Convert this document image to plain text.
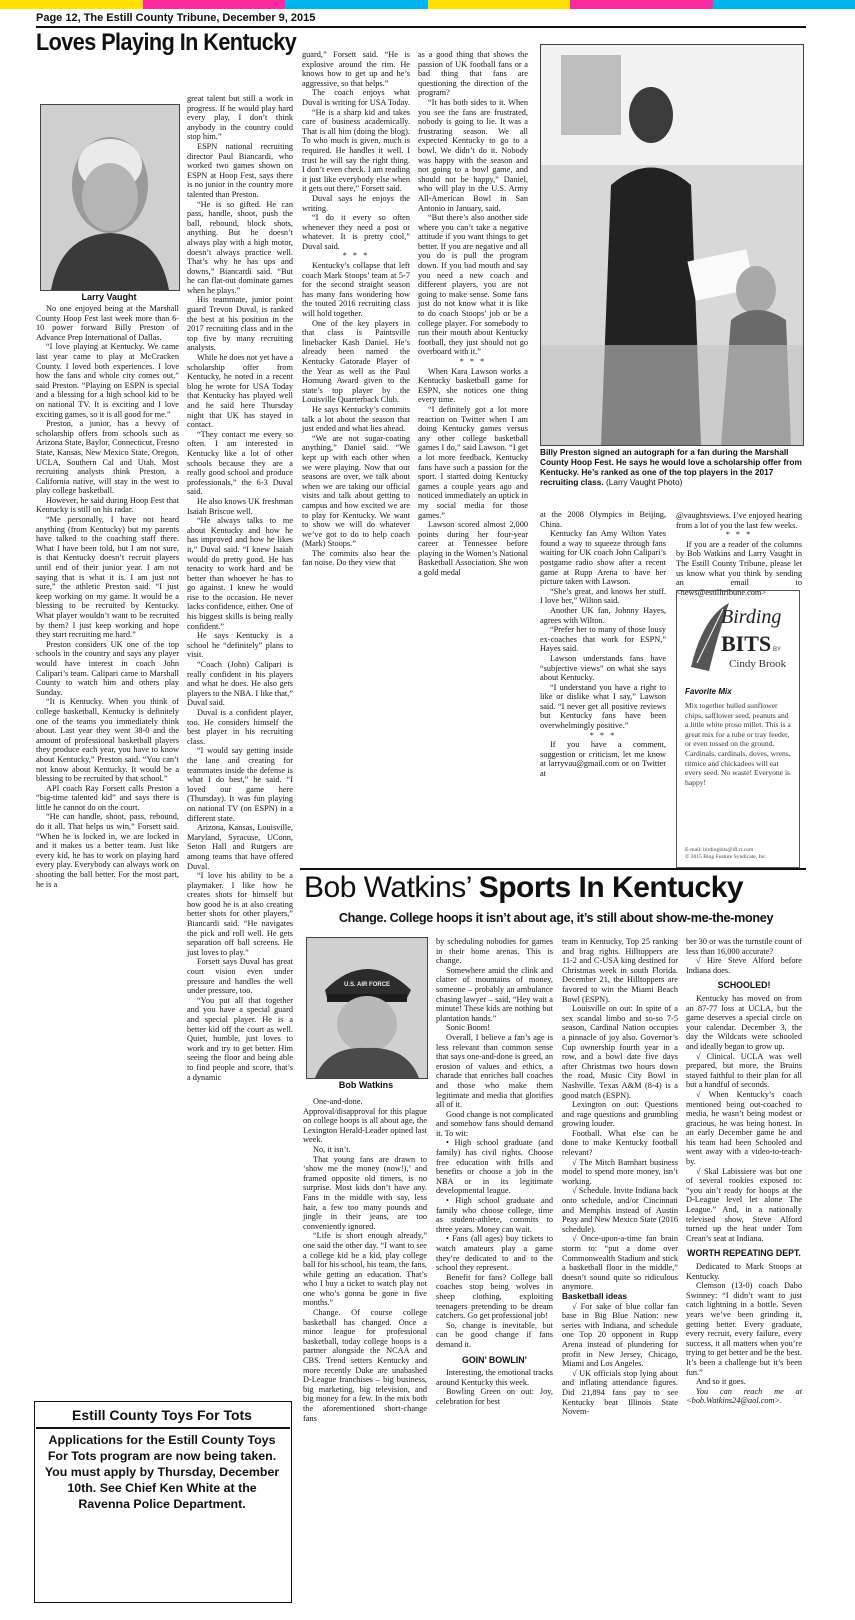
Page 12, The Estill County Tribune, December 9, 2015
Loves Playing In Kentucky
Larry Vaught

No one enjoyed being at the Marshall County Hoop Fest last week more than 6-10 power forward Billy Preston of Advance Prep International of Dallas.

“I love playing at Kentucky. We came last year came to play at McCracken County. I loved both experiences. I love how the fans and whole city comes out,” said Preston. “Playing on ESPN is special and a blessing for a high school kid to be on national TV. It is exciting and I love exciting games, so it is all good for me.”

Preston, a junior, has a bevvy of scholarship offers from schools such as Arizona State, Baylor, Connecticut, Fresno State, Kansas, New Mexico State, Oregon, UCLA, Southern Cal and Utah. Most recruiting analysts think Preston, a California native, will stay in the west to play college basketball.

However, he said during Hoop Fest that Kentucky is still on his radar.

“Me personally, I have not heard anything (from Kentucky) but my parents have talked to the coaching staff there. What I have been told, but I am not sure, is that Kentucky doesn’t recruit players until end of their junior year. I am not saying that is what it is. I am just not sure,” the athletic Preston said. “I just keep working on my game. It would be a blessing to be recruited by Kentucky. What player wouldn’t want to be recruited by them? I just keep working and hope they start recruiting me hard.”

Preston considers UK one of the top schools in the country and says any player would have interest in coach John Calipari’s team. Calipari came to Marshall County to watch him and others play Sunday.

“It is Kentucky. When you think of college basketball, Kentucky is definitely one of the teams you immediately think about. Last year they went 38-0 and the amount of professional basketball players they produce each year, you have to know about Kentucky,” Preston said. “You can’t not know about Kentucky. It would be a blessing to be recruited by that school.”

API coach Ray Forsett calls Preston a “big-time talented kid” and says there is little he cannot do on the court.

“He can handle, shoot, pass, rebound, do it all. That helps us win,” Forsett said. “When he is locked in, we are locked in and it makes us a better team. Just like every kid, he has to work on playing hard every play. Everybody can always work on shooting the ball better. For the most part, he is a

great talent but still a work in progress. If he would play hard every play, I don’t think anybody in the country could stop him.”

ESPN national recruiting director Paul Biancardi, who worked two games shown on ESPN at Hoop Fest, says there is no junior in the country more talented than Preston.

“He is so gifted. He can pass, handle, shoot, push the ball, rebound, block shots, anything. But he doesn’t always play with a high motor, doesn’t always practice well. That’s why he has ups and downs,” Biancardi said. “But he can flat-out dominate games when he plays.”

His teammate, junior point guard Trevon Duval, is ranked the best at his position in the 2017 recruiting class and in the top five by many recruiting analysts.

While he does not yet have a scholarship offer from Kentucky, he noted in a recent blog he wrote for USA Today that Kentucky has played well and he said here Thursday night that UK has stayed in contact.

“They contact me every so often. I am interested in Kentucky like a lot of other schools because they are a really good school and produce professionals,” the 6-3 Duval said.

He also knows UK freshman Isaiah Briscoe well.

“He always talks to me about Kentucky and how he has improved and how he likes it,” Duval said. “I knew Isaiah would do pretty good. He has tenacity to work hard and be better than whoever he has to go against. I knew he would rise to the occasion. He never lacks confidence, either. One of his biggest skills is being really confident.”

He says Kentucky is a school he “definitely” plans to visit.

“Coach (John) Calipari is really confident in his players and what he does. He also gets players to the NBA. I like that,” Duval said.

Duval is a confident player, too. He considers himself the best player in his recruiting class.

“I would say getting inside the lane and creating for teammates inside the defense is what I do best,” he said. “I loved our game here (Thursday). It was fun playing on national TV (on ESPN) in a different state.

Arizona, Kansas, Louisville, Maryland, Syracuse, UConn, Seton Hall and Rutgers are among teams that have offered Duval.

“I love his ability to be a playmaker. I like how he creates shots for himself but how good he is at also creating better shots for other players,” Biancardi said. “He navigates the pick and roll well. He gets separation off ball screens. He just loves to play.”

Forsett says Duval has great court vision even under pressure and handles the well under pressure, too.

“You put all that together and you have a special guard and special player. He is a better kid off the court as well. Quiet, humble, just loves to work and try to get better. Him seeing the floor and being able to find people and score, that’s a dynamic

guard,” Forsett said. “He is explosive around the rim. He knows how to get up and he’s aggressive, so that helps.”

The coach enjoys what Duval is writing for USA Today.

“He is a sharp kid and takes care of business academically. That is all him (doing the blog). To who much is given, much is required. He handles it well. I trust he will say the right thing. I don’t even check. I am reading it just like everybody else when it gets out there,” Forsett said.

Duval says he enjoys the writing.

“I do it every so often whenever they need a post or whatever. It is pretty cool,” Duval said.

* * *

Kentucky’s collapse that left coach Mark Stoops’ team at 5-7 for the second straight season has many fans wondering how the touted 2016 recruiting class will hold together.

One of the key players in that class is Paintsville linebacker Kash Daniel. He’s already been named the Kentucky Gatorade Player of the Year as well as the Paul Hornung Award given to the state’s top player by the Louisville Quarterback Club.

He says Kentucky’s commits talk a lot about the season that just ended and what lies ahead.

“We are not sugar-coating anything,” Daniel said. “We kept up with each other when we were playing. Now that our seasons are over, we talk about when we are taking our official visits and talk about getting to campus and how excited we are to play for Kentucky. We want to show we will do whatever we’ve got to do to help coach (Mark) Stoops.”

The commits also hear the fan noise. Do they view that

as a good thing that shows the passion of UK football fans or a bad thing that fans are questioning the direction of the program?

“It has both sides to it. When you see the fans are frustrated, nobody is going to lie. It was a frustrating season. We all expected Kentucky to go to a bowl. We didn’t do it. Nobody was happy with the season and not going to a bowl game, and should not be happy,” Daniel, who will play in the U.S. Army All-American Bowl in San Antonio in January, said.

“But there’s also another side where you can’t take a negative attitude if you want things to get better. If you are negative and all you do is pull the program down. If you bad mouth and say you need a new coach and different players, you are not going to make sense. Some fans just do not know what it is like to do coach Stoops’ job or be a college player. For somebody to run their mouth about Kentucky football, they just should not go overboard with it.”

* * *

When Kara Lawson works a Kentucky basketball game for ESPN, she notices one thing every time.

“I definitely got a lot more reaction on Twitter when I am doing Kentucky games versus any other college basketball games I do,” said Lawson. “I get a lot more feedback. Kentucky fans have such a passion for the sport. I started doing Kentucky games a couple years ago and noticed immediately an uptick in my social media for those games.”

Lawson scored almost 2,000 points during her four-year career at Tennessee before playing in the Women’s National Basketball Association. She won a gold medal

Billy Preston signed an autograph for a fan during the Marshall County Hoop Fest. He says he would love a scholarship offer from Kentucky. He’s ranked as one of the top players in the 2017 recruiting class. (Larry Vaught Photo)

at the 2008 Olympics in Beijing, China.

Kentucky fan Amy Wilton Yates found a way to squeeze through fans waiting for UK coach John Calipari’s postgame radio show after a recent game at Rupp Arena to have her picture taken with Lawson.

“She’s great, and knows her stuff. I love her,” Wilton said.

Another UK fan, Johnny Hayes, agrees with Wilton.

“Prefer her to many of those lousy ex-coaches that work for ESPN,” Hayes said.

Lawson understands fans have “subjective views” on what she says about Kentucky.

“I understand you have a right to like or dislike what I say,” Lawson said. “I never get all positive reviews but Kentucky fans have been overwhelmingly positive.”

* * *

If you have a comment, suggestion or criticism, let me know at larryvau@gmail.com or on Twitter at

Birding
BITS BY
Cindy Brook
Favorite Mix
Mix together hulled sunflower chips, safflower seed, peanuts and a little white proso millet. This is a great mix for a tube or tray feeder, or even tossed on the ground. Cardinals, cardinals, doves, wrens, titmice and chickadees will eat every seed. No waste! Everyone is happy!
E-mail: birdingbits@ifl.rr.com
© 2015 Bing Feature Syndicate, Inc.
Bob Watkins’ Sports In Kentucky
Change. College hoops it isn’t about age, it’s still about show-me-the-money
U.S. AIR FORCE
Bob Watkins

One-and-done. Approval/disapproval for this plague on college hoops is all about age, the Lexington Herald-Leader opined last week.

No, it isn’t.

That young fans are drawn to ‘show me the money (now!),’ and framed opposite old timers, is no surprise. Most kids don’t have any. Fans in the middle with say, less hair, a few too many pounds and jingle in their jeans, are too conveniently ignored.

“Life is short enough already,” one said the other day. “I want to see a college kid be a kid, play college ball for his school, his team, the fans, while getting an education. That’s who I buy a ticket to watch play not one who’s gonna be gone in five months.”

Change. Of course college basketball has changed. Once a minor league for professional basketball, today college hoops is a partner alongside the NCAA and CBS. Trend setters Kentucky and more recently Duke are unabashed D-League franchises – big business, big marketing, big television, and big money for a few. In the mix both the aforementioned short-change fans

by scheduling nobodies for games in their home arenas. This is change.

Somewhere amid the clink and clatter of mountains of money, someone – probably an ambulance chasing lawyer – said, “Hey wait a minute! These kids are nothing but plantation hands.”

Sonic Boom!

Overall, I believe a fan’s age is less relevant than common sense that says one-and-done is greed, an erosion of values and ethics, a charade that enriches ball coaches and those who make them legitimate and media that glorifies all of it.

Good change is not complicated and somehow fans should demand it. To wit:

• High school graduate (and family) has civil rights. Choose free education with frills and benefits or choose a job in the NBA or in its legitimate developmental league.

• High school graduate and family who choose college, time as student-athlete, commits to three years. Money can wait.

• Fans (all ages) buy tickets to watch amateurs play a game they’re dedicated to and to the school they represent.

Benefit for fans? College ball coaches stop being wolves in sheep clothing, exploiting teenagers pretending to be dream catchers. Go get professional job!

So, change is inevitable, but can be good change if fans demand it.

GOIN’ BOWLIN’

Interesting, the emotional tracks around Kentucky this week.

Bowling Green on out: Joy, celebration for best

team in Kentucky, Top 25 ranking and brag rights. Hilltoppers are 11-2 and C-USA king destined for Christmas week in south Florida. December 21, the Hilltoppers are favored to win the Miami Beach Bowl (ESPN).

Louisville on out: In spite of a sex scandal limbo and so-so 7-5 season, Cardinal Nation occupies a pinnacle of joy also. Governor’s Cup ownership fourth year in a row, and a bowl date five days after Christmas two hours down the road, Music City Bowl in Nashville. Texas A&M (8-4) is a good match (ESPN).

Lexington on out: Questions and rage questions and grumbling growing louder.

Football. What else can be done to make Kentucky football relevant?

√ The Mitch Barnhart business model to spend more money, isn’t working.

√ Schedule. Invite Indiana back onto schedule, and/or Cincinnati and Memphis instead of Austin Peay and New Mexico State (2016 schedule).

√ Once-upon-a-time fan brain storm to: “put a dome over Commonwealth Stadium and stick a basketball floor in the middle,” doesn’t sound quite so ridiculous anymore.

Basketball ideas

√ For sake of blue collar fan base in Big Blue Nation: new series with Indiana, and schedule one Top 20 opponent in Rupp Arena instead of plundering for profit in New Jersey, Chicago, Miami and Los Angeles.

√ UK officials stop lying about and inflating attendance figures. Did 21,894 fans pay to see Kentucky beat Illinois State Novem-

ber 30 or was the turnstile count of less than 16,000 accurate?

√ Hire Steve Alford before Indiana does.

SCHOOLED!

Kentucky has moved on from an 87-77 loss at UCLA, but the game deserves a special circle on your calendar. December 3, the day the Wildcats were schooled and ideally began to grow up.

√ Clinical. UCLA was well prepared, but more, the Bruins stayed faithful to their plan for all but a handful of seconds.

√ When Kentucky’s coach mentioned being out-coached to media, he wasn’t being modest or gracious, he was being honest. In an early December game he and his team had been Schooled and went away with a video-to-teach-by.

√ Skal Labissiere was but one of several rookies exposed to: “you ain’t ready for hoops at the D-League level let alone The League.” And, in a nationally televised show, Steve Alford turned up the heat under Tom Crean’s seat at Indiana.

WORTH REPEATING DEPT.

Dedicated to Mark Stoops at Kentucky.

Clemson (13-0) coach Dabo Swinney: “I didn’t want to just catch lightning in a bottle. Seven years we’ve been grinding it, getting better. Every graduate, every recruit, every failure, every success, it all matters when you’re trying to get better and be the best. It’s been a challenge but it’s been fun.”

And so it goes.

You can reach me at <bob.Watkins24@aol.com>.

Estill County Toys For Tots
Applications for the Estill County Toys For Tots program are now being taken. You must apply by Thursday, December 10th. See Chief Ken White at the Ravenna Police Department.

@vaughtsviews. I’ve enjoyed hearing from a lot of you the last few weeks.

* * *

If you are a reader of the columns by Bob Watkins and Larry Vaught in The Estill County Tribune, please let us know what you think by sending an email to <news@estilltribune.com>
